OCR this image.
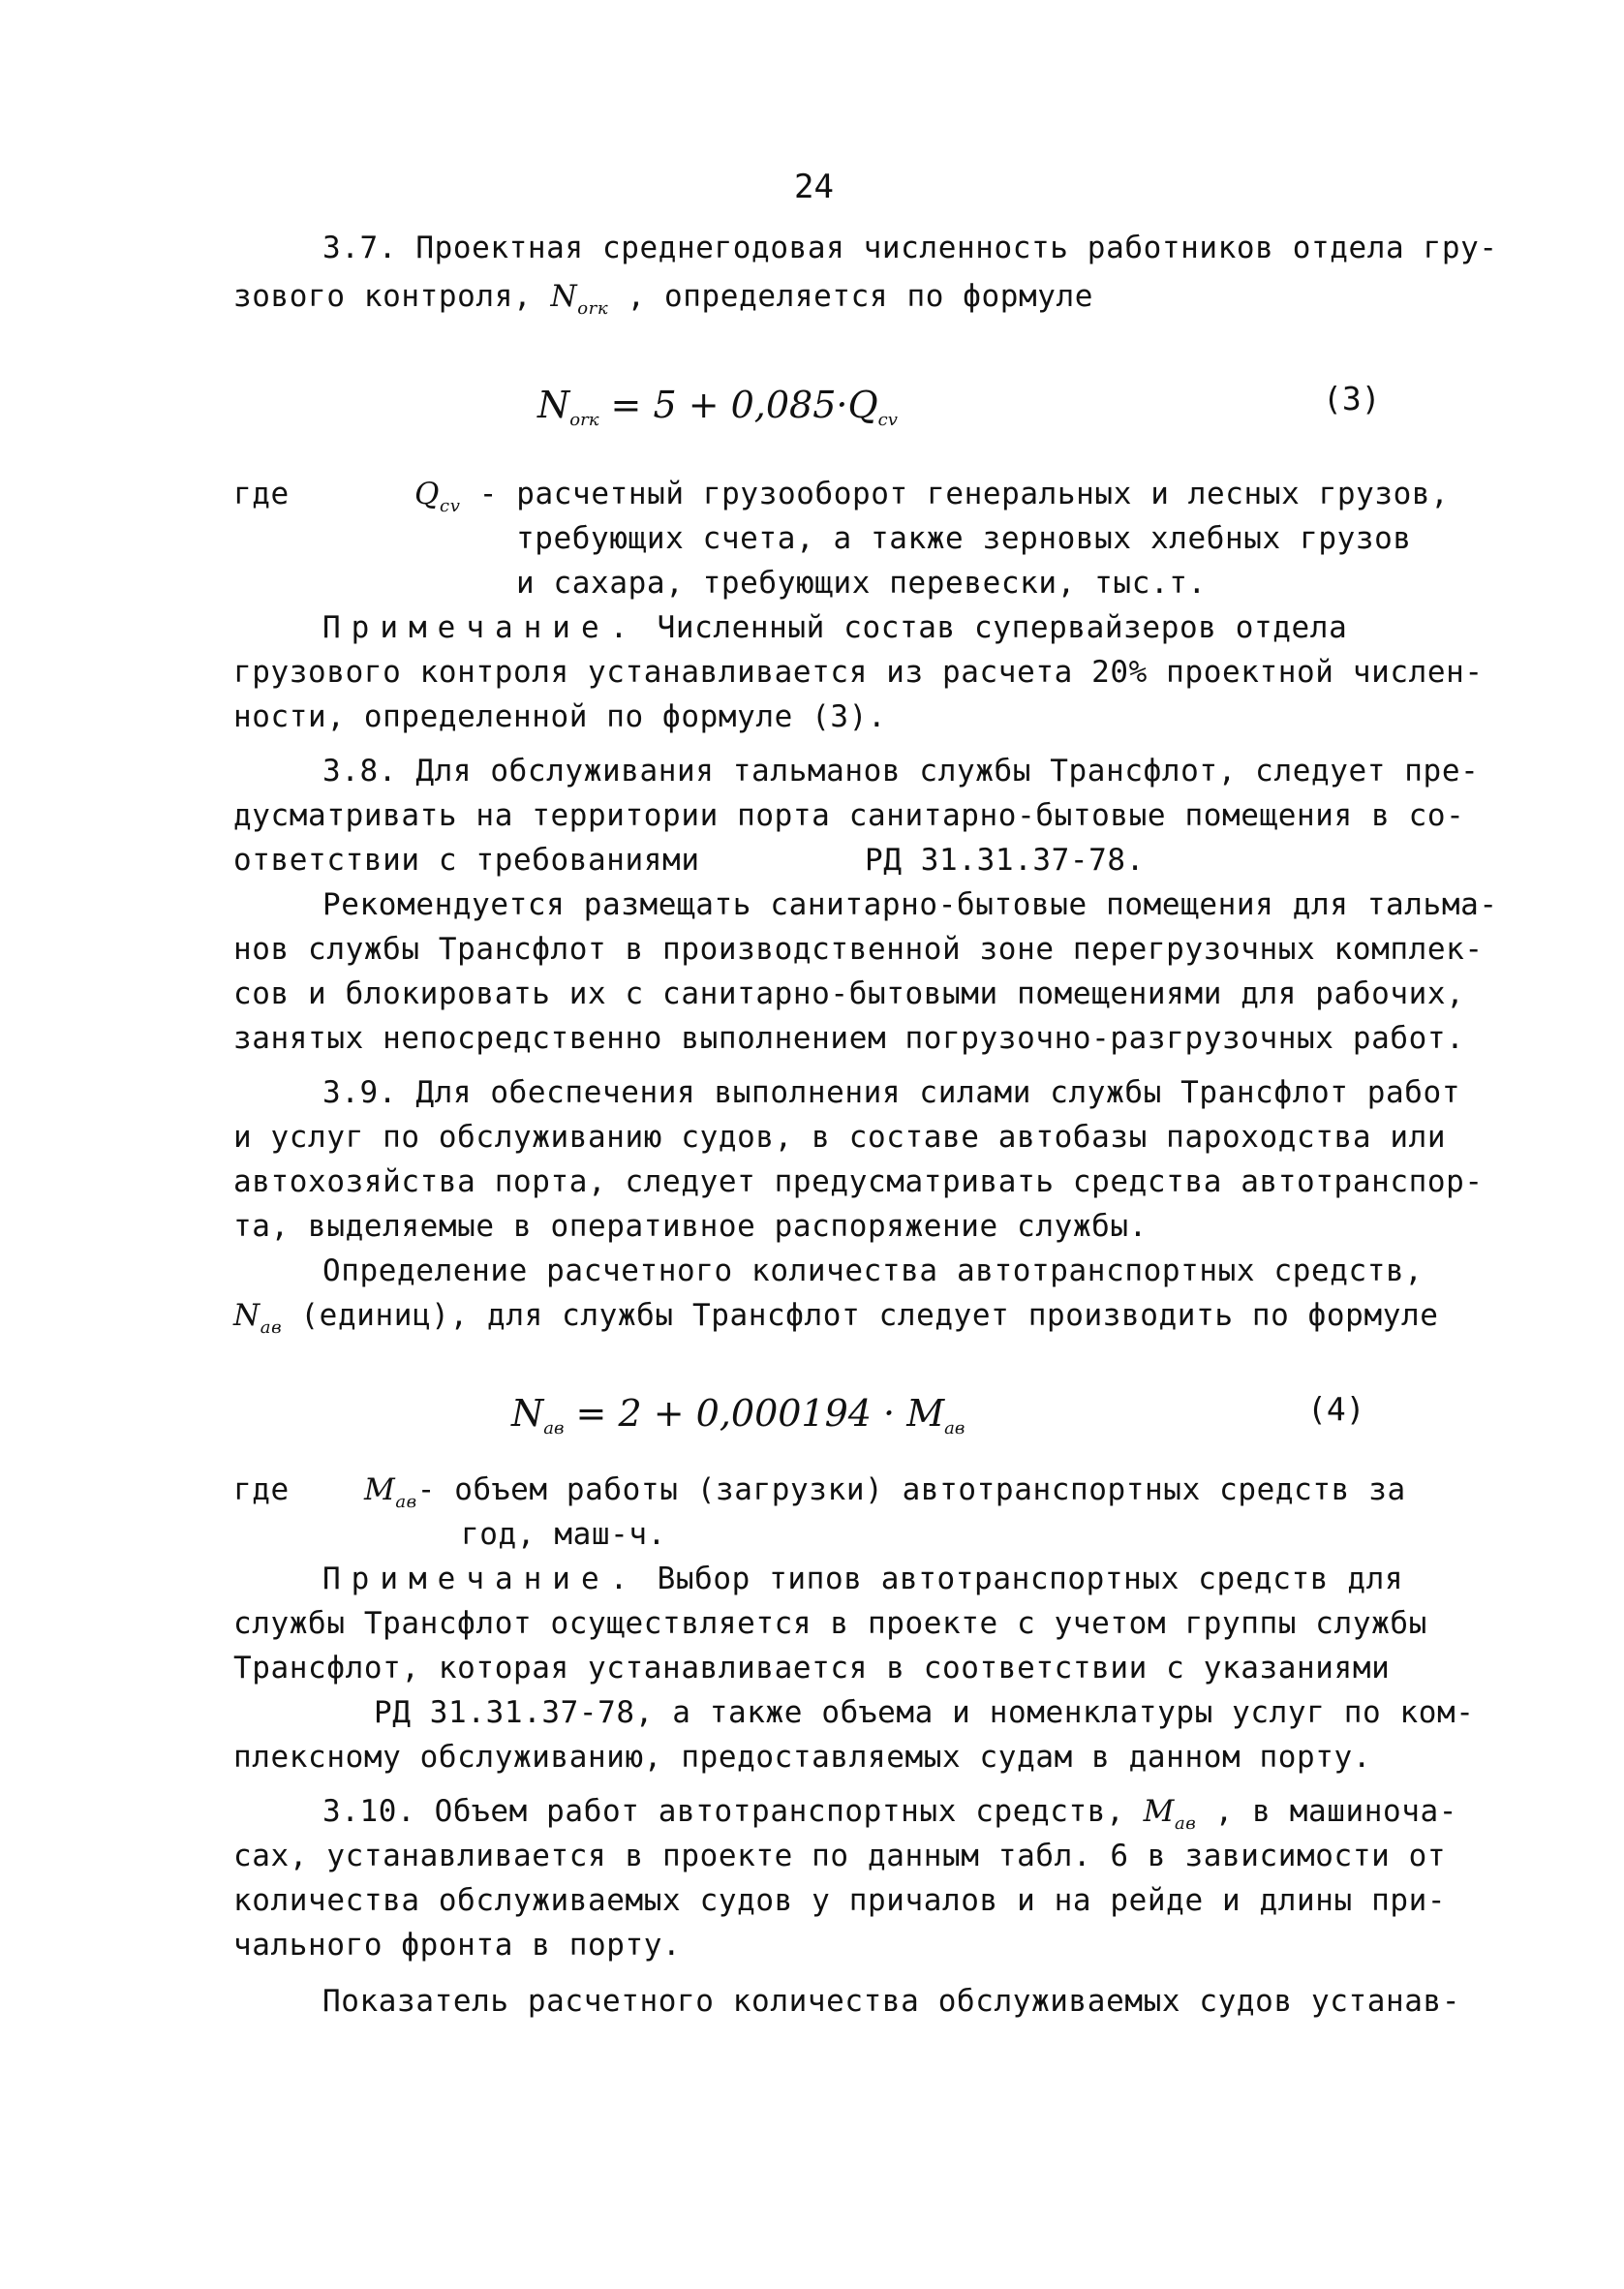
24
3.7. Проектная среднегодовая численность работников отдела гру-
зового контроля, $N_{orк}$ , определяется по формуле
$N_{orк} = 5 + 0,085\cdot Q_{cv}$
(3)
где	$Q_{cv}$ - расчетный грузооборот генеральных и лесных грузов,
требующих счета, а также зерновых хлебных грузов
и сахара, требующих перевески, тыс.т.
Примечание. Численный состав супервайзеров отдела
грузового контроля устанавливается из расчета 20% проектной числен-
ности, определенной по формуле (3).
3.8. Для обслуживания тальманов службы Трансфлот, следует пре-
дусматривать на территории порта санитарно-бытовые помещения в со-
ответствии с требованиями	РД 31.31.37-78.
Рекомендуется размещать санитарно-бытовые помещения для тальма-
нов службы Трансфлот в производственной зоне перегрузочных комплек-
сов и блокировать их с санитарно-бытовыми помещениями для рабочих,
занятых непосредственно выполнением погрузочно-разгрузочных работ.
3.9. Для обеспечения выполнения силами службы Трансфлот работ
и услуг по обслуживанию судов, в составе автобазы пароходства или
автохозяйства порта, следует предусматривать средства автотранспор-
та, выделяемые в оперативное распоряжение службы.
Определение расчетного количества автотранспортных средств,
$N_{ав}$ (единиц), для службы Трансфлот следует производить по формуле
$N_{ав} = 2 + 0,000194 \cdot M_{ав}$
(4)
где $M_{ав}-$ объем работы (загрузки) автотранспортных средств за
год, маш-ч.
Примечание. Выбор типов автотранспортных средств для
службы Трансфлот осуществляется в проекте с учетом группы службы
Трансфлот, которая устанавливается в соответствии с указаниями
РД 31.31.37-78, а также объема и номенклатуры услуг по ком-
плексному обслуживанию, предоставляемых судам в данном порту.
3.10. Объем работ автотранспортных средств, $M_{ав}$ , в машиноча-
сах, устанавливается в проекте по данным табл. 6 в зависимости от
количества обслуживаемых судов у причалов и на рейде и длины при-
чального фронта в порту.
Показатель расчетного количества обслуживаемых судов устанав-
